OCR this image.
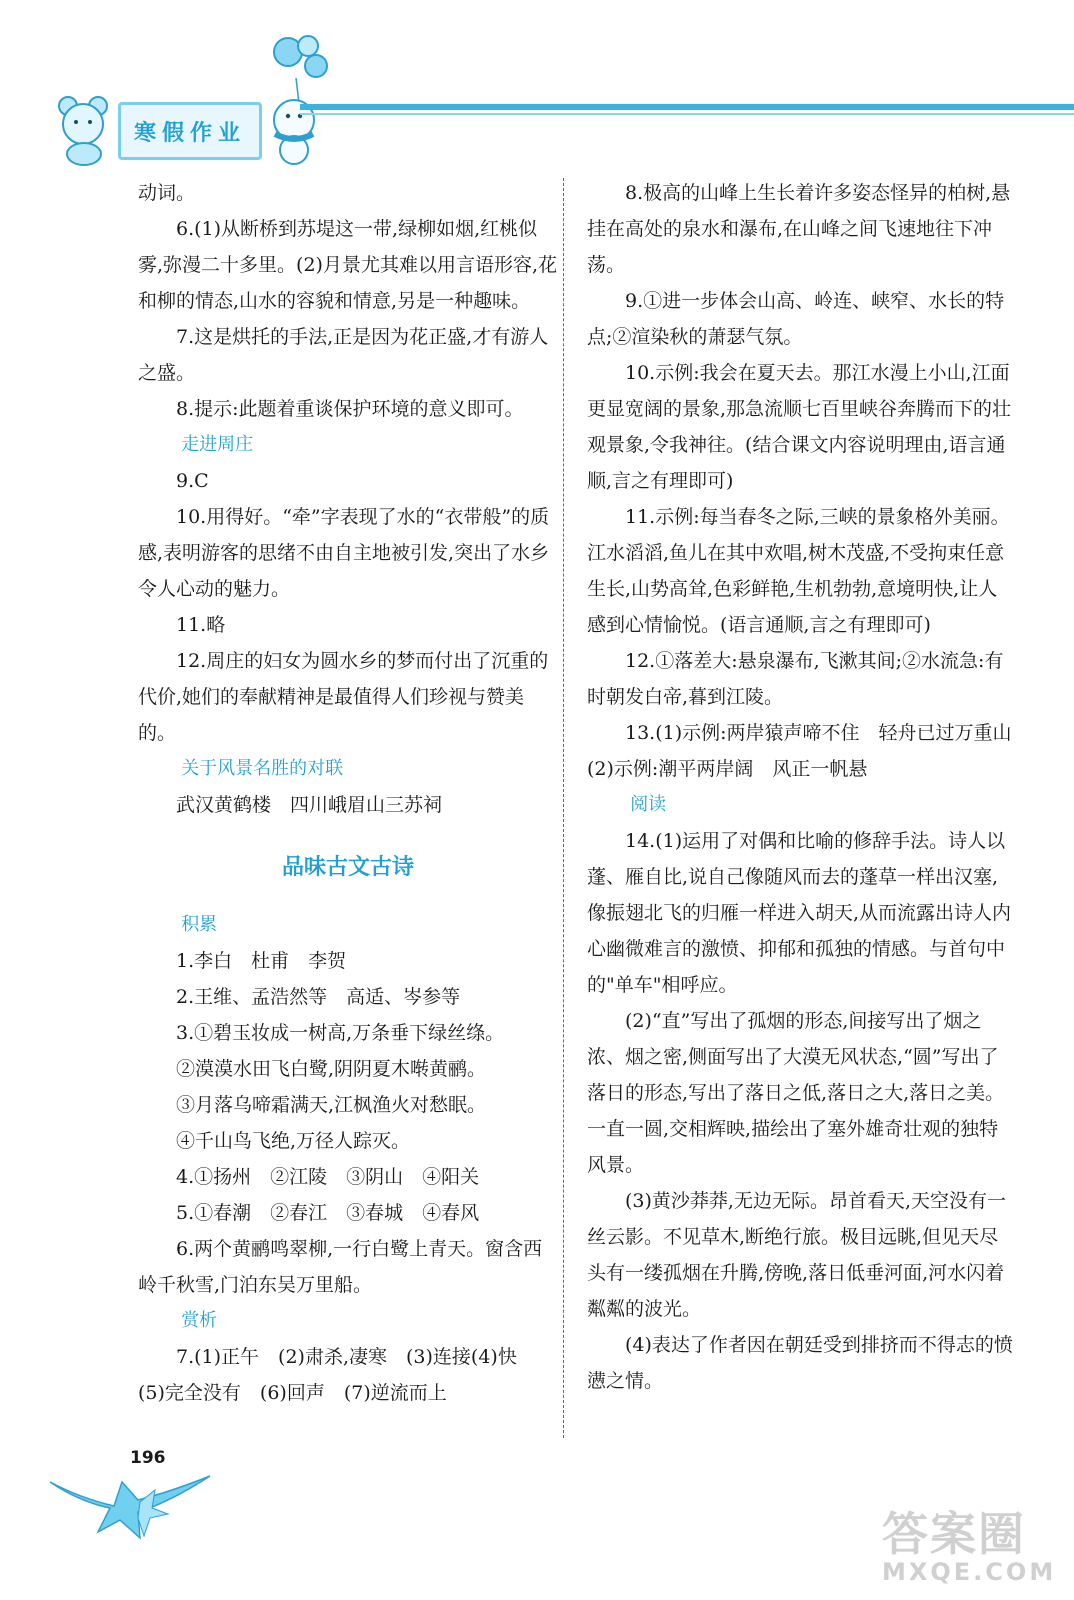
寒假作业

动词。

6.(1)从断桥到苏堤这一带,绿柳如烟,红桃似雾,弥漫二十多里。(2)月景尤其难以用言语形容,花和柳的情态,山水的容貌和情意,另是一种趣味。

7.这是烘托的手法,正是因为花正盛,才有游人之盛。

8.提示:此题着重谈保护环境的意义即可。

走进周庄

9.C

10.用得好。“牵”字表现了水的“衣带般”的质感,表明游客的思绪不由自主地被引发,突出了水乡令人心动的魅力。

11.略

12.周庄的妇女为圆水乡的梦而付出了沉重的代价,她们的奉献精神是最值得人们珍视与赞美的。

关于风景名胜的对联

武汉黄鹤楼　四川峨眉山三苏祠

品味古文古诗

积累

1.李白　杜甫　李贺

2.王维、孟浩然等　高适、岑参等

3.①碧玉妆成一树高,万条垂下绿丝绦。

②漠漠水田飞白鹭,阴阴夏木啭黄鹂。

③月落乌啼霜满天,江枫渔火对愁眠。

④千山鸟飞绝,万径人踪灭。

4.①扬州　②江陵　③阴山　④阳关

5.①春潮　②春江　③春城　④春风

6.两个黄鹂鸣翠柳,一行白鹭上青天。窗含西岭千秋雪,门泊东吴万里船。

赏析

7.(1)正午　(2)肃杀,凄寒　(3)连接(4)快　(5)完全没有　(6)回声　(7)逆流而上

8.极高的山峰上生长着许多姿态怪异的柏树,悬挂在高处的泉水和瀑布,在山峰之间飞速地往下冲荡。

9.①进一步体会山高、岭连、峡窄、水长的特点;②渲染秋的萧瑟气氛。

10.示例:我会在夏天去。那江水漫上小山,江面更显宽阔的景象,那急流顺七百里峡谷奔腾而下的壮观景象,令我神往。(结合课文内容说明理由,语言通顺,言之有理即可)

11.示例:每当春冬之际,三峡的景象格外美丽。江水滔滔,鱼儿在其中欢唱,树木茂盛,不受拘束任意生长,山势高耸,色彩鲜艳,生机勃勃,意境明快,让人感到心情愉悦。(语言通顺,言之有理即可)

12.①落差大:悬泉瀑布,飞漱其间;②水流急:有时朝发白帝,暮到江陵。

13.(1)示例:两岸猿声啼不住　轻舟已过万重山　(2)示例:潮平两岸阔　风正一帆悬

阅读

14.(1)运用了对偶和比喻的修辞手法。诗人以蓬、雁自比,说自己像随风而去的蓬草一样出汉塞,像振翅北飞的归雁一样进入胡天,从而流露出诗人内心幽微难言的激愤、抑郁和孤独的情感。与首句中的"单车"相呼应。

(2)“直”写出了孤烟的形态,间接写出了烟之浓、烟之密,侧面写出了大漠无风状态,“圆”写出了落日的形态,写出了落日之低,落日之大,落日之美。一直一圆,交相辉映,描绘出了塞外雄奇壮观的独特风景。

(3)黄沙莽莽,无边无际。昂首看天,天空没有一丝云影。不见草木,断绝行旅。极目远眺,但见天尽头有一缕孤烟在升腾,傍晚,落日低垂河面,河水闪着粼粼的波光。

(4)表达了作者因在朝廷受到排挤而不得志的愤懑之情。

196
答案圈
MXQE.COM
